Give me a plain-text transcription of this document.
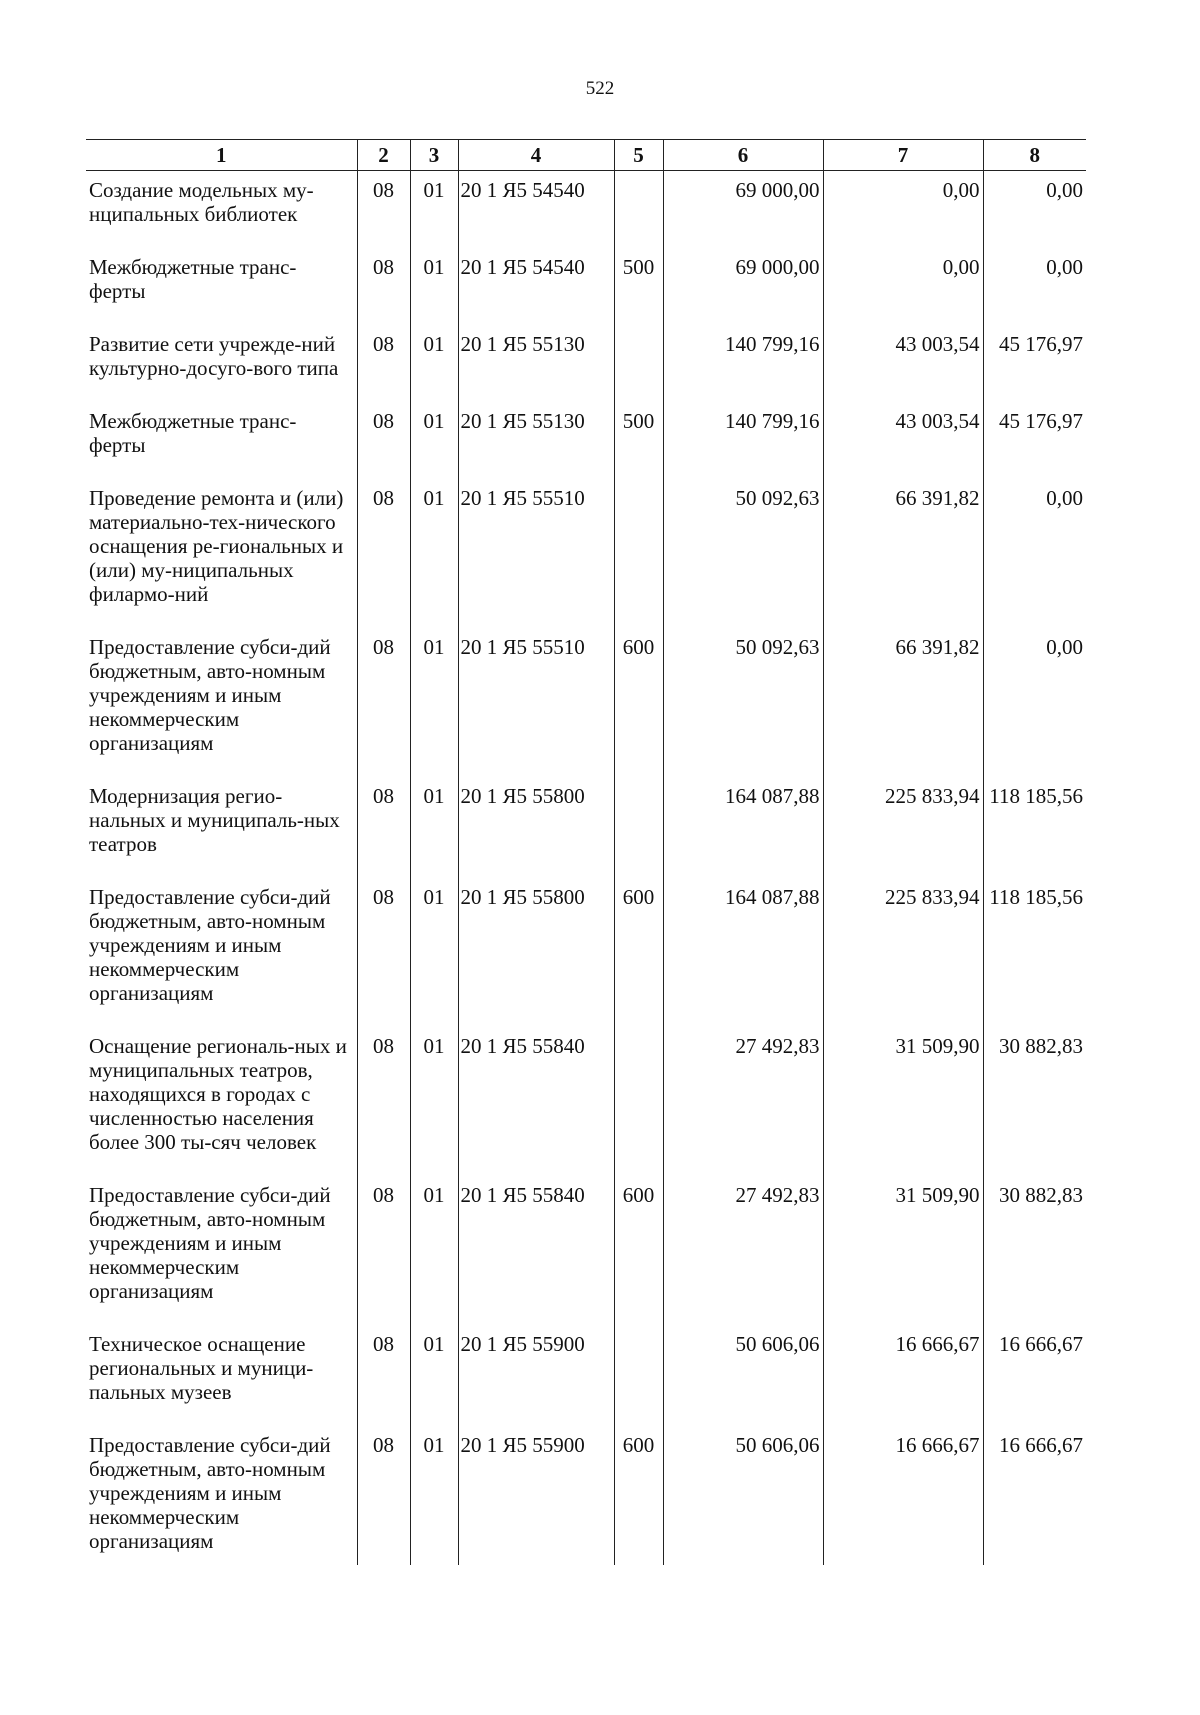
522
1	2	3	4	5	6	7	8
Создание модельных му-нципальных библиотек	08	01	20 1 Я5 54540		69 000,00	0,00	0,00
Межбюджетные транс-ферты	08	01	20 1 Я5 54540	500	69 000,00	0,00	0,00
Развитие сети учрежде-ний культурно-досуго-вого типа	08	01	20 1 Я5 55130		140 799,16	43 003,54	45 176,97
Межбюджетные транс-ферты	08	01	20 1 Я5 55130	500	140 799,16	43 003,54	45 176,97
Проведение ремонта и (или) материально-тех-нического оснащения ре-гиональных и (или) му-ниципальных филармо-ний	08	01	20 1 Я5 55510		50 092,63	66 391,82	0,00
Предоставление субси-дий бюджетным, авто-номным учреждениям и иным некоммерческим организациям	08	01	20 1 Я5 55510	600	50 092,63	66 391,82	0,00
Модернизация регио-нальных и муниципаль-ных театров	08	01	20 1 Я5 55800		164 087,88	225 833,94	118 185,56
Предоставление субси-дий бюджетным, авто-номным учреждениям и иным некоммерческим организациям	08	01	20 1 Я5 55800	600	164 087,88	225 833,94	118 185,56
Оснащение региональ-ных и муниципальных театров, находящихся в городах с численностью населения более 300 ты-сяч человек	08	01	20 1 Я5 55840		27 492,83	31 509,90	30 882,83
Предоставление субси-дий бюджетным, авто-номным учреждениям и иным некоммерческим организациям	08	01	20 1 Я5 55840	600	27 492,83	31 509,90	30 882,83
Техническое оснащение региональных и муници-пальных музеев	08	01	20 1 Я5 55900		50 606,06	16 666,67	16 666,67
Предоставление субси-дий бюджетным, авто-номным учреждениям и иным некоммерческим организациям	08	01	20 1 Я5 55900	600	50 606,06	16 666,67	16 666,67
